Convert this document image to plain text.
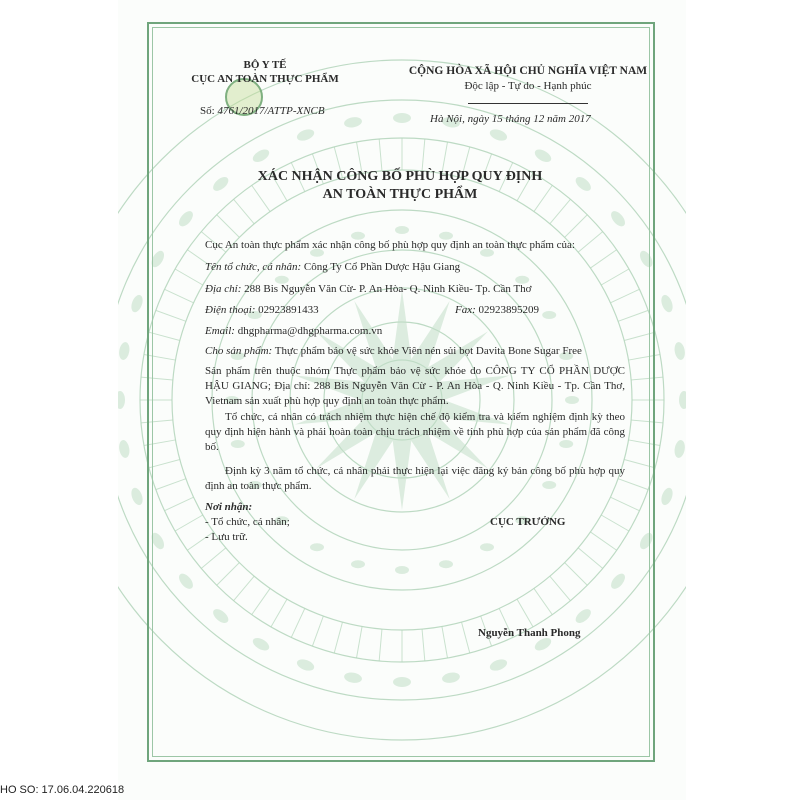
BỘ Y TẾ
CỤC AN TOÀN THỰC PHẨM
Số: 4761/2017/ATTP-XNCB
CỘNG HÒA XÃ HỘI CHỦ NGHĨA VIỆT NAM
Độc lập - Tự do - Hạnh phúc
Hà Nội, ngày 15 tháng 12 năm 2017
XÁC NHẬN CÔNG BỐ PHÙ HỢP QUY ĐỊNH
AN TOÀN THỰC PHẨM
Cục An toàn thực phẩm xác nhận công bố phù hợp quy định an toàn thực phẩm của:
Tên tổ chức, cá nhân: Công Ty Cổ Phần Dược Hậu Giang
Địa chỉ: 288 Bis Nguyễn Văn Cừ- P. An Hòa- Q. Ninh Kiều- Tp. Cần Thơ
Điện thoại: 02923891433	Fax: 02923895209
Email: dhgpharma@dhgpharma.com.vn
Cho sản phẩm: Thực phẩm bảo vệ sức khỏe Viên nén sủi bọt Davita Bone Sugar Free
Sản phẩm trên thuộc nhóm Thực phẩm bảo vệ sức khỏe do CÔNG TY CỔ PHẦN DƯỢC HẬU GIANG; Địa chỉ: 288 Bis Nguyễn Văn Cừ - P. An Hòa - Q. Ninh Kiều - Tp. Cần Thơ, Vietnam sản xuất phù hợp quy định an toàn thực phẩm.
Tổ chức, cá nhân có trách nhiệm thực hiện chế độ kiểm tra và kiểm nghiệm định kỳ theo quy định hiện hành và phải hoàn toàn chịu trách nhiệm về tính phù hợp của sản phẩm đã công bố.
Định kỳ 3 năm tổ chức, cá nhân phải thực hiện lại việc đăng ký bản công bố phù hợp quy định an toàn thực phẩm.
Nơi nhận:
- Tổ chức, cá nhân;
- Lưu trữ.
CỤC TRƯỞNG
Nguyễn Thanh Phong
HO SO: 17.06.04.220618
